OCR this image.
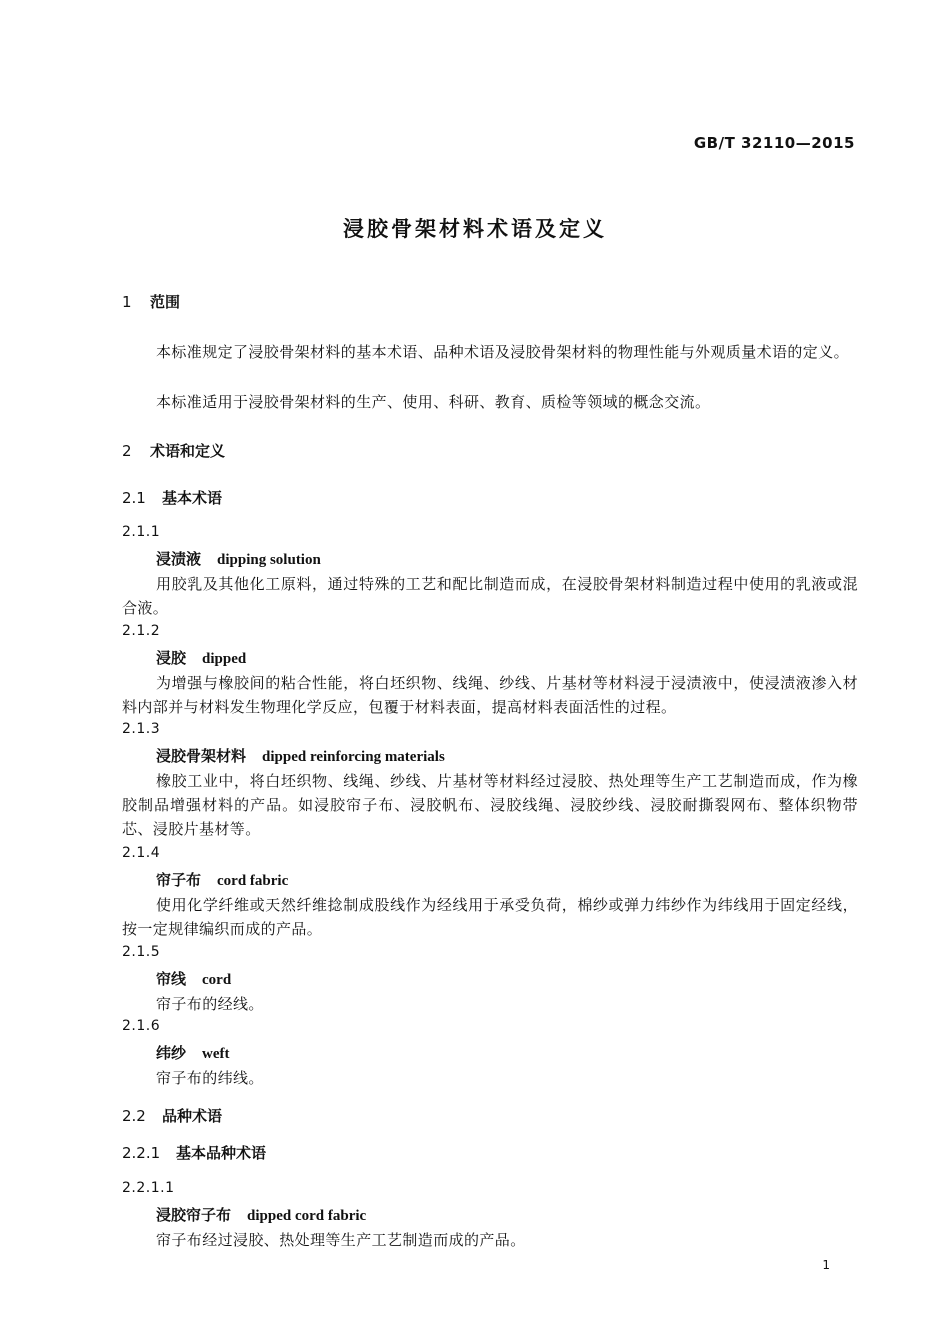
GB/T 32110—2015
浸胶骨架材料术语及定义
1 范围
本标准规定了浸胶骨架材料的基本术语、品种术语及浸胶骨架材料的物理性能与外观质量术语的定义。
本标准适用于浸胶骨架材料的生产、使用、科研、教育、质检等领域的概念交流。
2 术语和定义
2.1 基本术语
2.1.1
浸渍液 dipping solution
用胶乳及其他化工原料，通过特殊的工艺和配比制造而成，在浸胶骨架材料制造过程中使用的乳液或混合液。
2.1.2
浸胶 dipped
为增强与橡胶间的粘合性能，将白坯织物、线绳、纱线、片基材等材料浸于浸渍液中，使浸渍液渗入材料内部并与材料发生物理化学反应，包覆于材料表面，提高材料表面活性的过程。
2.1.3
浸胶骨架材料 dipped reinforcing materials
橡胶工业中，将白坯织物、线绳、纱线、片基材等材料经过浸胶、热处理等生产工艺制造而成，作为橡胶制品增强材料的产品。如浸胶帘子布、浸胶帆布、浸胶线绳、浸胶纱线、浸胶耐撕裂网布、整体织物带芯、浸胶片基材等。
2.1.4
帘子布 cord fabric
使用化学纤维或天然纤维捻制成股线作为经线用于承受负荷，棉纱或弹力纬纱作为纬线用于固定经线，按一定规律编织而成的产品。
2.1.5
帘线 cord
帘子布的经线。
2.1.6
纬纱 weft
帘子布的纬线。
2.2 品种术语
2.2.1 基本品种术语
2.2.1.1
浸胶帘子布 dipped cord fabric
帘子布经过浸胶、热处理等生产工艺制造而成的产品。
1
